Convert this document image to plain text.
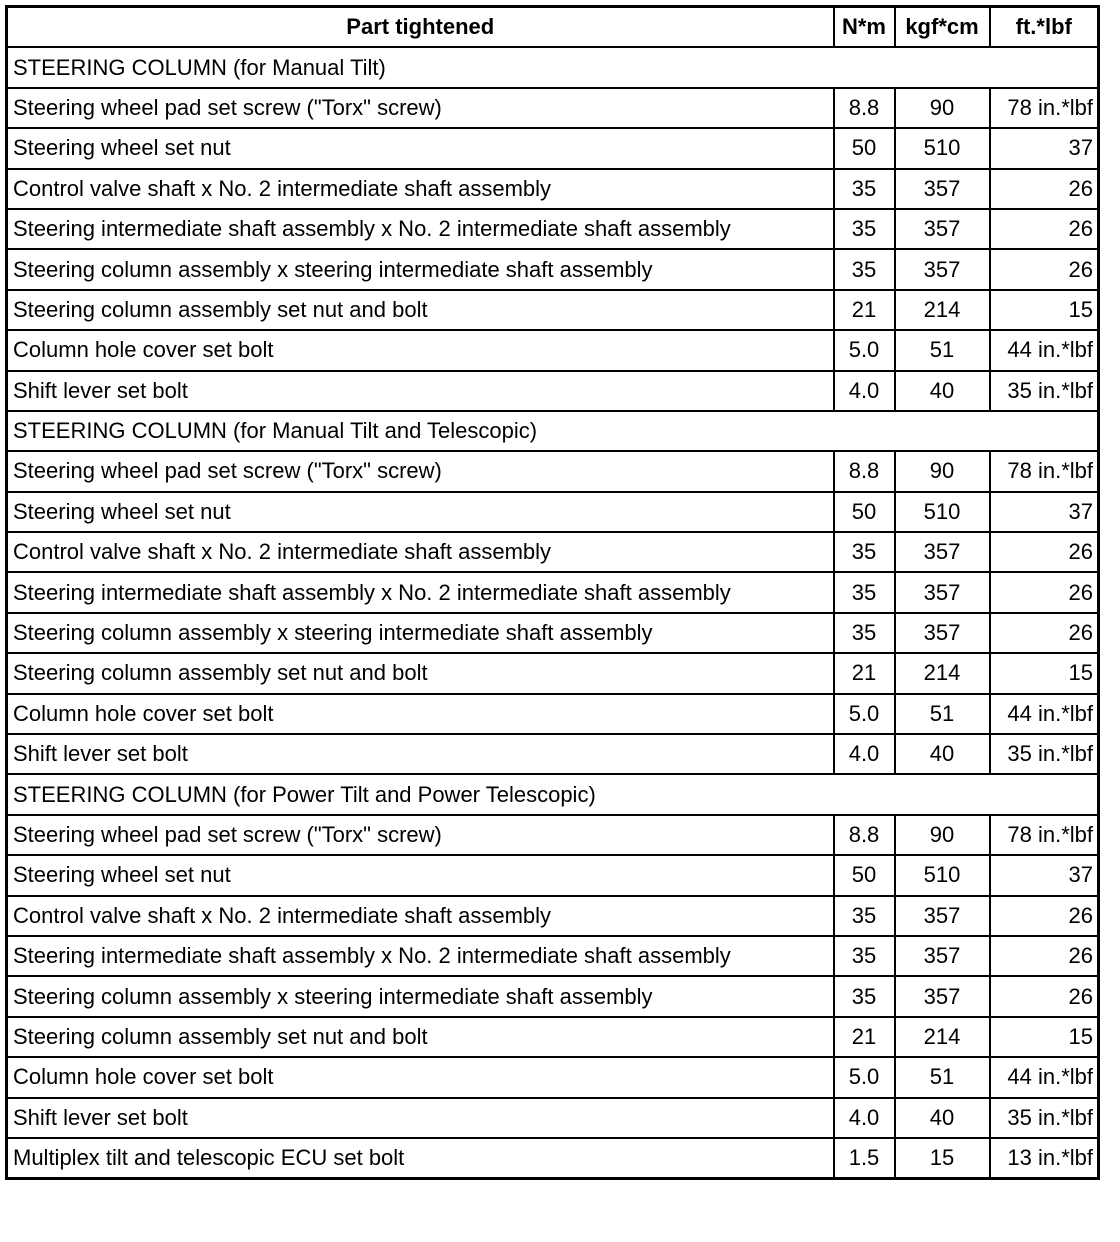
Part tightened	N*m	kgf*cm	ft.*lbf
STEERING COLUMN (for Manual Tilt)			
Steering wheel pad set screw ("Torx" screw)	8.8	90	78 in.*lbf
Steering wheel set nut	50	510	37
Control valve shaft x No. 2 intermediate shaft assembly	35	357	26
Steering intermediate shaft assembly x No. 2 intermediate shaft assembly	35	357	26
Steering column assembly x steering intermediate shaft assembly	35	357	26
Steering column assembly set nut and bolt	21	214	15
Column hole cover set bolt	5.0	51	44 in.*lbf
Shift lever set bolt	4.0	40	35 in.*lbf
STEERING COLUMN (for Manual Tilt and Telescopic)			
Steering wheel pad set screw ("Torx" screw)	8.8	90	78 in.*lbf
Steering wheel set nut	50	510	37
Control valve shaft x No. 2 intermediate shaft assembly	35	357	26
Steering intermediate shaft assembly x No. 2 intermediate shaft assembly	35	357	26
Steering column assembly x steering intermediate shaft assembly	35	357	26
Steering column assembly set nut and bolt	21	214	15
Column hole cover set bolt	5.0	51	44 in.*lbf
Shift lever set bolt	4.0	40	35 in.*lbf
STEERING COLUMN (for Power Tilt and Power Telescopic)			
Steering wheel pad set screw ("Torx" screw)	8.8	90	78 in.*lbf
Steering wheel set nut	50	510	37
Control valve shaft x No. 2 intermediate shaft assembly	35	357	26
Steering intermediate shaft assembly x No. 2 intermediate shaft assembly	35	357	26
Steering column assembly x steering intermediate shaft assembly	35	357	26
Steering column assembly set nut and bolt	21	214	15
Column hole cover set bolt	5.0	51	44 in.*lbf
Shift lever set bolt	4.0	40	35 in.*lbf
Multiplex tilt and telescopic ECU set bolt	1.5	15	13 in.*lbf
